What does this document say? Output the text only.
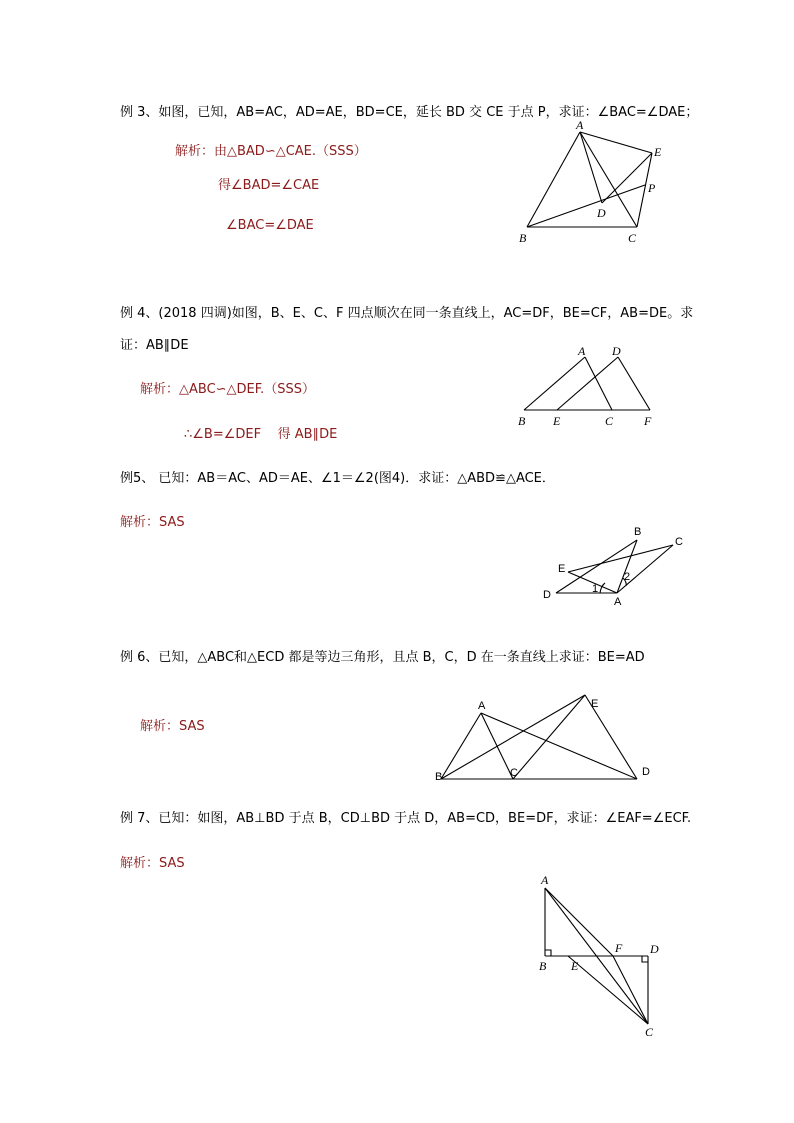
例 3、如图，已知，AB=AC，AD=AE，BD=CE，延长 BD 交 CE 于点 P，求证：∠BAC=∠DAE；
解析：由△BAD∽△CAE.（SSS）
得∠BAD=∠CAE
∠BAC=∠DAE
A
E
P
D
B	C
A D
B E	C	F
B
C
E
D
A
1
2
A	E
B	C	D
A
B E
F D
C
例 4、(2018 四调)如图，B、E、C、F 四点顺次在同一条直线上，AC=DF，BE=CF，AB=DE。求
证：AB∥DE
解析：△ABC∽△DEF.（SSS）
∴∠B=∠DEF    得 AB∥DE
例5、 已知：AB＝AC、AD＝AE、∠1＝∠2(图4)．求证：△ABD≌△ACE．
解析：SAS
例 6、已知，△ABC和△ECD 都是等边三角形，且点 B，C，D 在一条直线上求证：BE=AD
解析：SAS
例 7、已知：如图，AB⊥BD 于点 B，CD⊥BD 于点 D，AB=CD，BE=DF，求证：∠EAF=∠ECF.
解析：SAS
